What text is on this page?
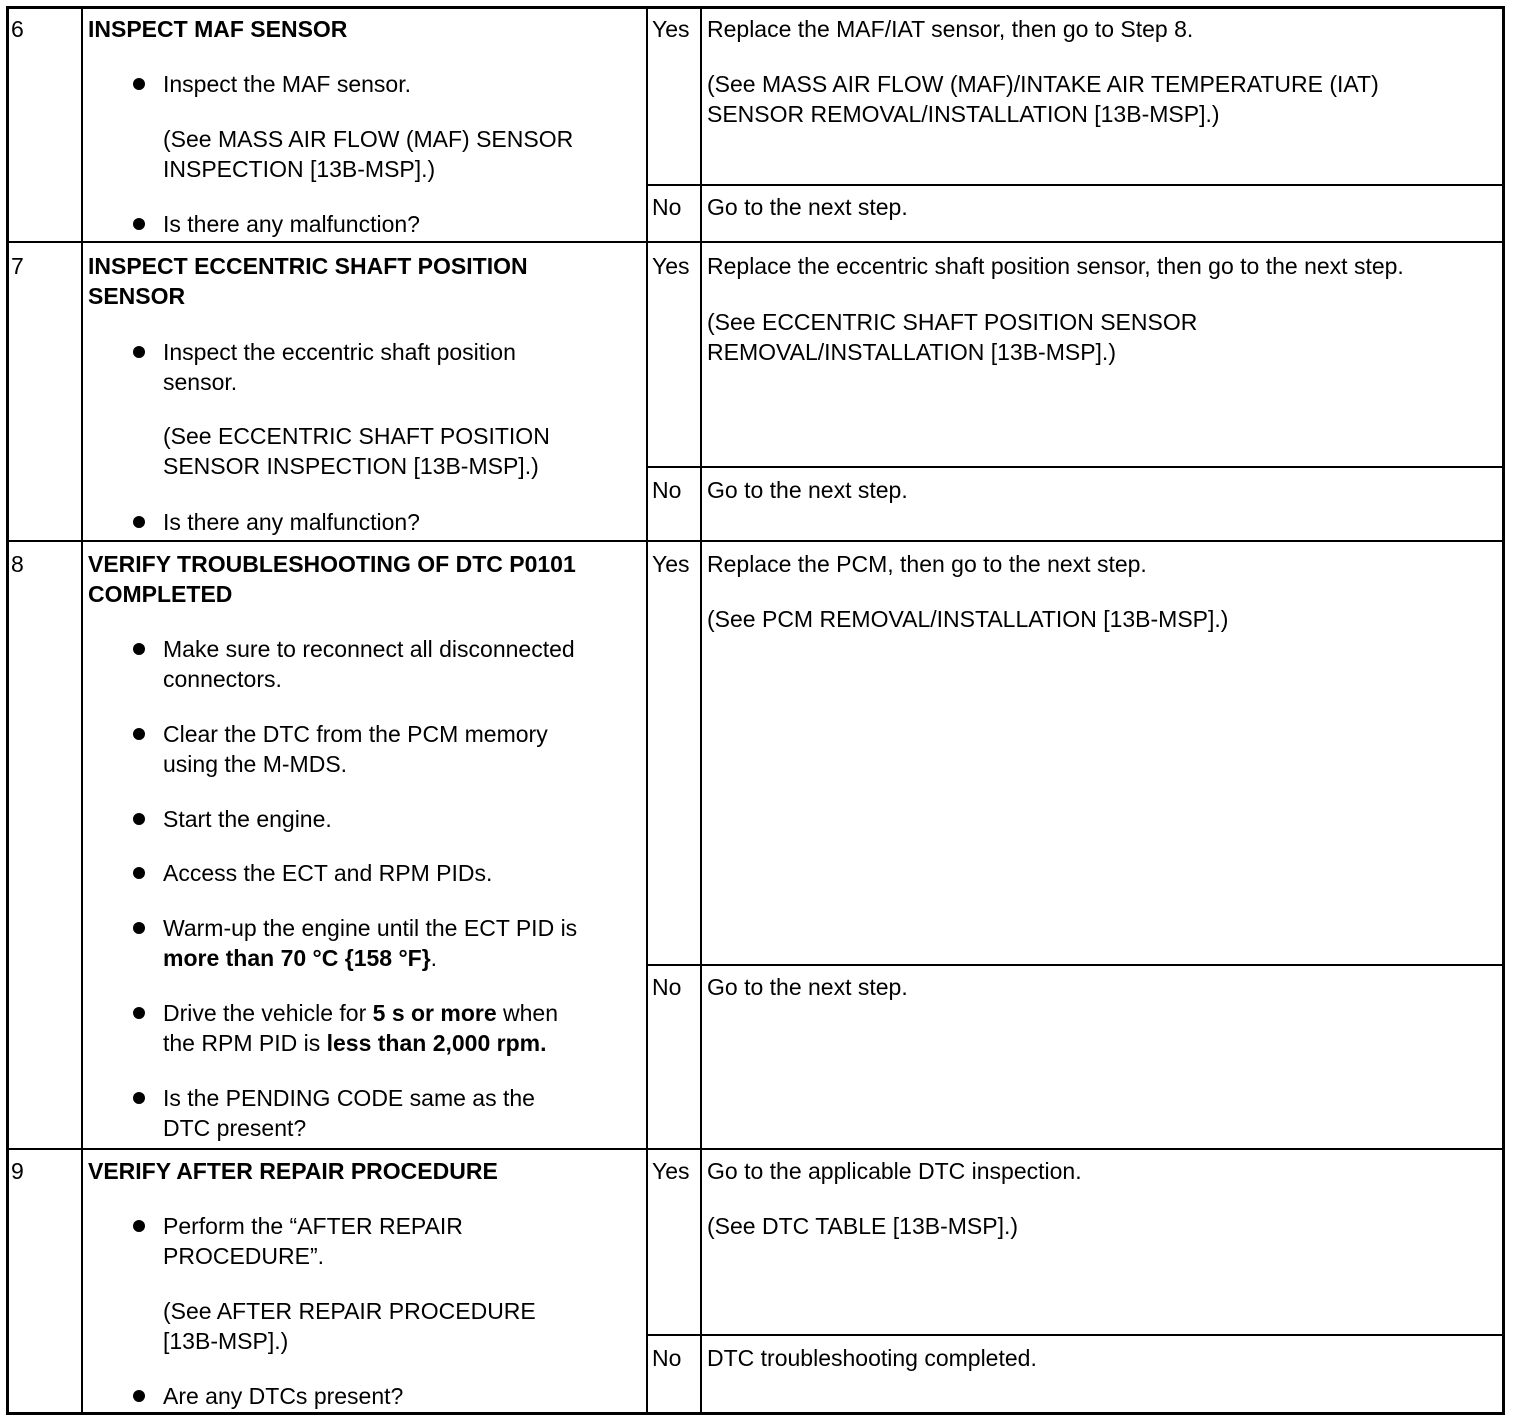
6	INSPECT MAF SENSOR
Inspect the MAF sensor.
(See MASS AIR FLOW (MAF) SENSOR
INSPECTION [13B-MSP].)
Is there any malfunction?
Yes Replace the MAF/IAT sensor, then go to Step 8.
(See MASS AIR FLOW (MAF)/INTAKE AIR TEMPERATURE (IAT)
SENSOR REMOVAL/INSTALLATION [13B-MSP].)
No Go to the next step.
7	INSPECT ECCENTRIC SHAFT POSITION
SENSOR
Inspect the eccentric shaft position
sensor.
(See ECCENTRIC SHAFT POSITION
SENSOR INSPECTION [13B-MSP].)
Is there any malfunction?
Yes Replace the eccentric shaft position sensor, then go to the next step.
(See ECCENTRIC SHAFT POSITION SENSOR
REMOVAL/INSTALLATION [13B-MSP].)
No Go to the next step.
8	VERIFY TROUBLESHOOTING OF DTC P0101
COMPLETED
Make sure to reconnect all disconnected
connectors.
Clear the DTC from the PCM memory
using the M-MDS.
Start the engine.
Access the ECT and RPM PIDs.
Warm-up the engine until the ECT PID is
more than 70 °C {158 °F}.
Drive the vehicle for 5 s or more when
the RPM PID is less than 2,000 rpm.
Is the PENDING CODE same as the
DTC present?
Yes Replace the PCM, then go to the next step.
(See PCM REMOVAL/INSTALLATION [13B-MSP].)
No Go to the next step.
9	VERIFY AFTER REPAIR PROCEDURE
Perform the “AFTER REPAIR
PROCEDURE”.
(See AFTER REPAIR PROCEDURE
[13B-MSP].)
Are any DTCs present?
Yes Go to the applicable DTC inspection.
(See DTC TABLE [13B-MSP].)
No DTC troubleshooting completed.
